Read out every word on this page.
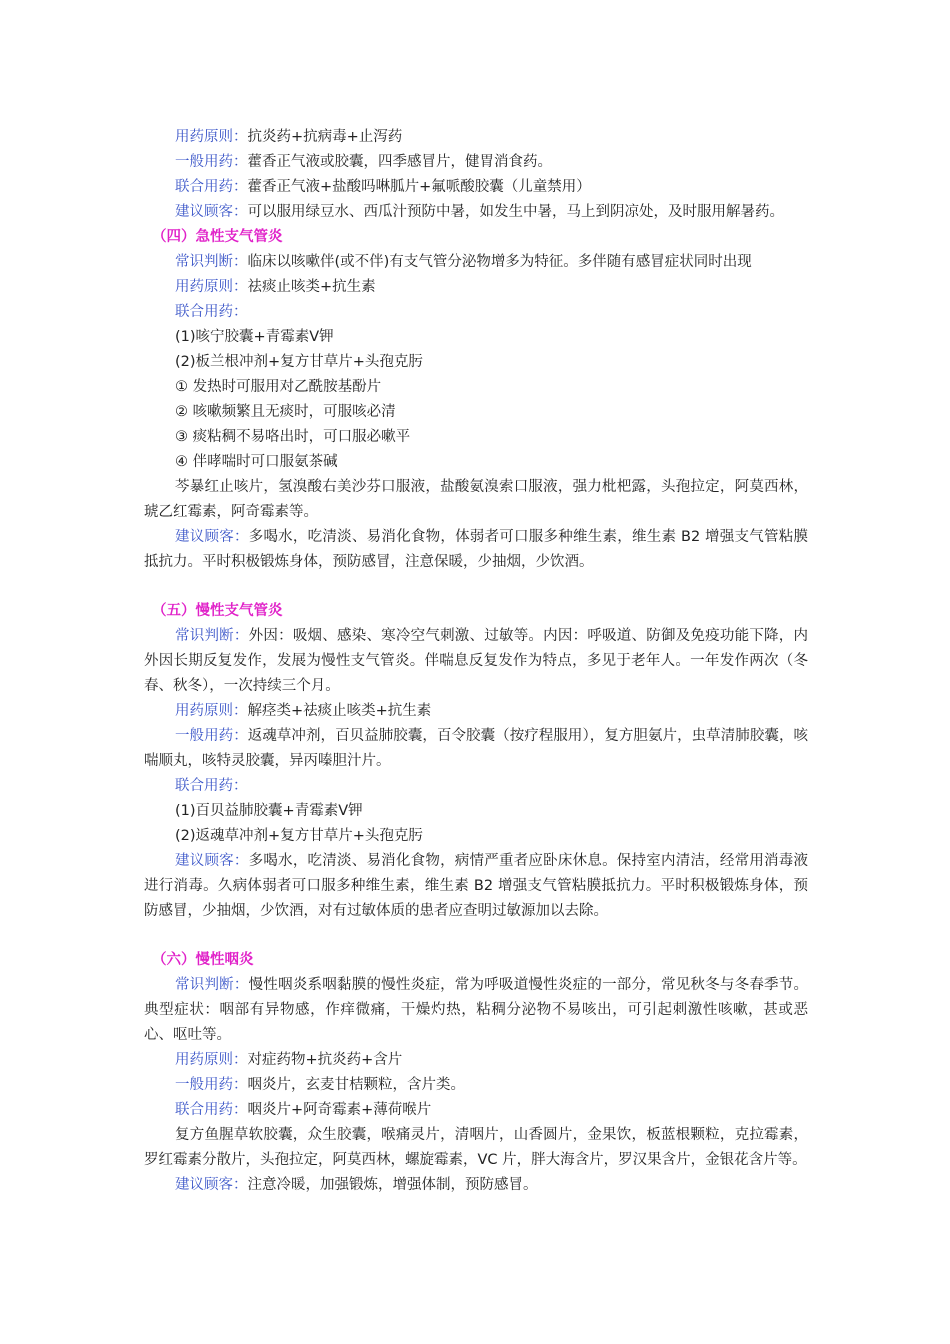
用药原则：抗炎药+抗病毒+止泻药
一般用药：藿香正气液或胶囊，四季感冒片，健胃消食药。
联合用药：藿香正气液+盐酸吗啉胍片+氟哌酸胶囊（儿童禁用）
建议顾客：可以服用绿豆水、西瓜汁预防中暑，如发生中暑，马上到阴凉处，及时服用解暑药。
（四）急性支气管炎
常识判断：临床以咳嗽伴(或不伴)有支气管分泌物增多为特征。多伴随有感冒症状同时出现
用药原则：祛痰止咳类+抗生素
联合用药：
(1)咳宁胶囊+青霉素Ⅴ钾
(2)板兰根冲剂+复方甘草片+头孢克肟
① 发热时可服用对乙酰胺基酚片
② 咳嗽频繁且无痰时，可服咳必清
③ 痰粘稠不易咯出时，可口服必嗽平
④ 伴哮喘时可口服氨茶碱
芩暴红止咳片，氢溴酸右美沙芬口服液，盐酸氨溴索口服液，强力枇杷露，头孢拉定，阿莫西林，琥乙红霉素，阿奇霉素等。
建议顾客：多喝水，吃清淡、易消化食物，体弱者可口服多种维生素，维生素 B2 增强支气管粘膜抵抗力。平时积极锻炼身体，预防感冒，注意保暖，少抽烟，少饮酒。
（五）慢性支气管炎
常识判断：外因：吸烟、感染、寒冷空气刺激、过敏等。内因：呼吸道、防御及免疫功能下降，内外因长期反复发作，发展为慢性支气管炎。伴喘息反复发作为特点，多见于老年人。一年发作两次（冬春、秋冬），一次持续三个月。
用药原则：解痉类+祛痰止咳类+抗生素
一般用药：返魂草冲剂，百贝益肺胶囊，百令胶囊（按疗程服用），复方胆氨片，虫草清肺胶囊，咳喘顺丸，咳特灵胶囊，异丙嗪胆汁片。
联合用药：
(1)百贝益肺胶囊+青霉素Ⅴ钾
(2)返魂草冲剂+复方甘草片+头孢克肟
建议顾客：多喝水，吃清淡、易消化食物，病情严重者应卧床休息。保持室内清洁，经常用消毒液进行消毒。久病体弱者可口服多种维生素，维生素 B2 增强支气管粘膜抵抗力。平时积极锻炼身体，预防感冒，少抽烟，少饮酒，对有过敏体质的患者应查明过敏源加以去除。
（六）慢性咽炎
常识判断：慢性咽炎系咽黏膜的慢性炎症，常为呼吸道慢性炎症的一部分，常见秋冬与冬春季节。典型症状：咽部有异物感，作痒微痛，干燥灼热，粘稠分泌物不易咳出，可引起刺激性咳嗽，甚或恶心、呕吐等。
用药原则：对症药物+抗炎药+含片
一般用药：咽炎片，玄麦甘桔颗粒，含片类。
联合用药：咽炎片+阿奇霉素+薄荷喉片
复方鱼腥草软胶囊，众生胶囊，喉痛灵片，清咽片，山香圆片，金果饮，板蓝根颗粒，克拉霉素，罗红霉素分散片，头孢拉定，阿莫西林，螺旋霉素，VC 片，胖大海含片，罗汉果含片，金银花含片等。
建议顾客：注意冷暖，加强锻炼，增强体制，预防感冒。
